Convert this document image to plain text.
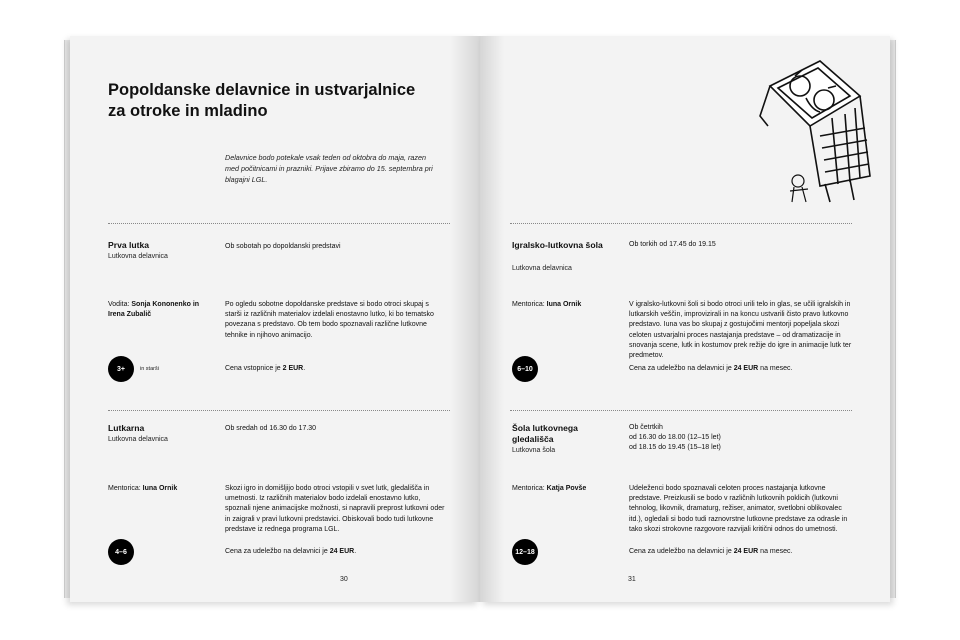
Popoldanske delavnice in ustvarjalnice za otroke in mladino
Delavnice bodo potekale vsak teden od oktobra do maja, razen med počitnicami in prazniki. Prijave zbiramo do 15. septembra pri blagajni LGL.
Prva lutka
Lutkovna delavnica
Ob sobotah po dopoldanski predstavi
Vodita: Sonja Kononenko in Irena Zubalič
Po ogledu sobotne dopoldanske predstave si bodo otroci skupaj s starši iz različnih materialov izdelali enostavno lutko, ki bo tematsko povezana s predstavo. Ob tem bodo spoznavali različne lutkovne tehnike in njihovo animacijo.
3+	in starši	Cena vstopnice je 2 EUR.
Lutkarna
Lutkovna delavnica
Ob sredah od 16.30 do 17.30
Mentorica: Iuna Ornik	Skozi igro in domišljijo bodo otroci vstopili v svet lutk, gledališča in umetnosti. Iz različnih materialov bodo izdelali enostavno lutko, spoznali njene animacijske možnosti, si napravili preprost lutkovni oder in zaigrali v pravi lutkovni predstavici. Obiskovali bodo tudi lutkovne predstave iz rednega programa LGL.
4–6	Cena za udeležbo na delavnici je 24 EUR.
30
Igralsko-lutkovna šola
Lutkovna delavnica
Ob torkih od 17.45 do 19.15
Mentorica: Iuna Ornik	V igralsko-lutkovni šoli si bodo otroci urili telo in glas, se učili igralskih in lutkarskih veščin, improvizirali in na koncu ustvarili čisto pravo lutkovno predstavo. Iuna vas bo skupaj z gostujočimi mentorji popeljala skozi celoten ustvarjalni proces nastajanja predstave – od dramatizacije in snovanja scene, lutk in kostumov prek režije do igre in animacije lutk ter predmetov.
6–10	Cena za udeležbo na delavnici je 24 EUR na mesec.
Šola lutkovnega gledališča
Lutkovna šola
Ob četrtkih
od 16.30 do 18.00 (12–15 let)
od 18.15 do 19.45 (15–18 let)
Mentorica: Katja Povše	Udeleženci bodo spoznavali celoten proces nastajanja lutkovne predstave. Preizkusili se bodo v različnih lutkovnih poklicih (lutkovni tehnolog, likovnik, dramaturg, režiser, animator, svetlobni oblikovalec itd.), ogledali si bodo tudi raznovrstne lutkovne predstave za odrasle in tako skozi strokovne razgovore razvijali kritični odnos do umetnosti.
12–18	Cena za udeležbo na delavnici je 24 EUR na mesec.
31
